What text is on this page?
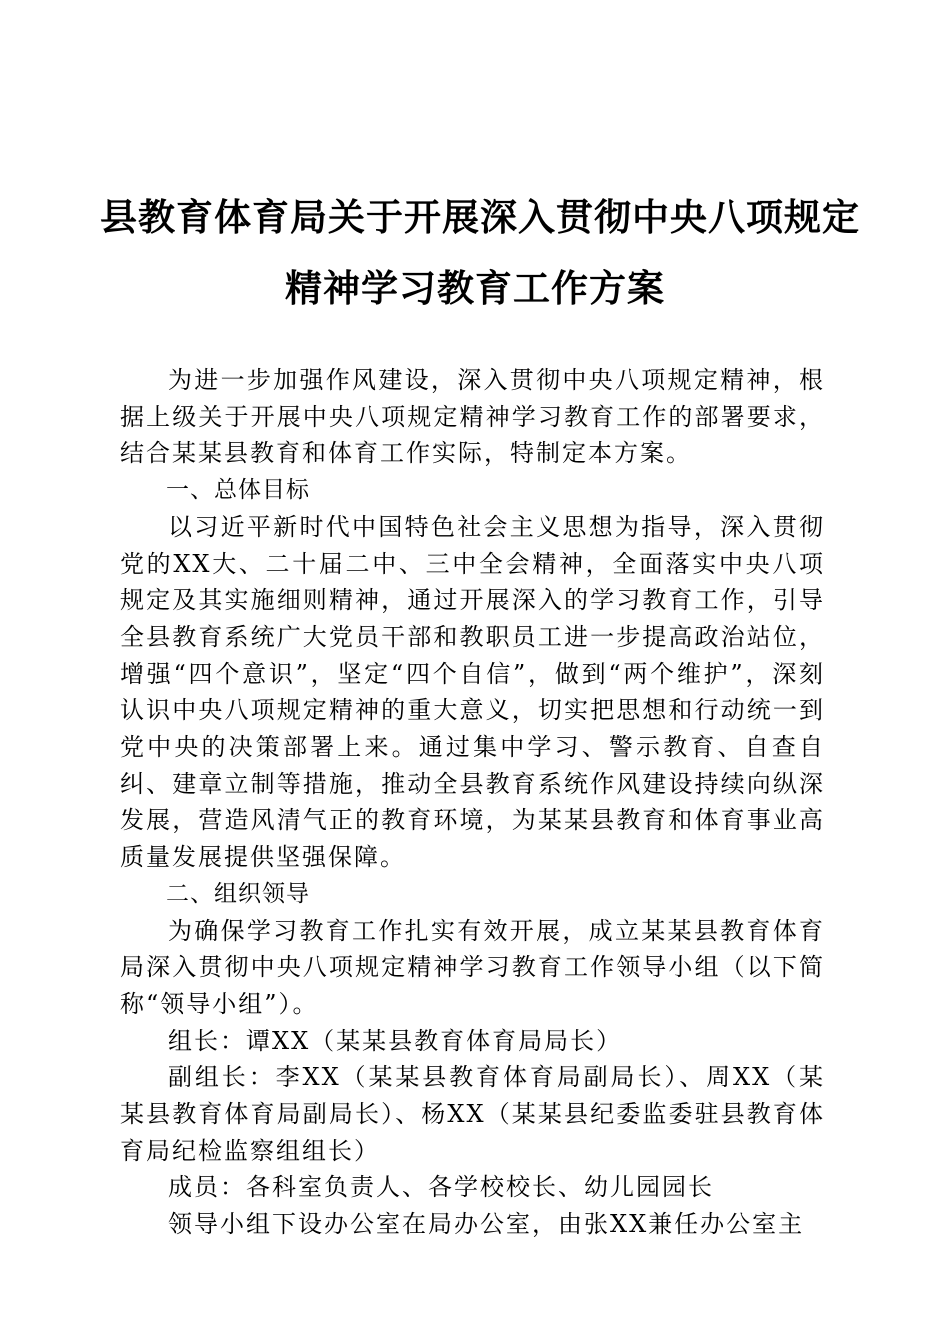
县教育体育局关于开展深入贯彻中央八项规定
精神学习教育工作方案

为进一步加强作风建设，深入贯彻中央八项规定精神，根据上级关于开展中央八项规定精神学习教育工作的部署要求，结合某某县教育和体育工作实际，特制定本方案。

一、总体目标

以习近平新时代中国特色社会主义思想为指导，深入贯彻党的XX大、二十届二中、三中全会精神，全面落实中央八项规定及其实施细则精神，通过开展深入的学习教育工作，引导全县教育系统广大党员干部和教职员工进一步提高政治站位，增强“四个意识”，坚定“四个自信”，做到“两个维护”，深刻认识中央八项规定精神的重大意义，切实把思想和行动统一到党中央的决策部署上来。通过集中学习、警示教育、自查自纠、建章立制等措施，推动全县教育系统作风建设持续向纵深发展，营造风清气正的教育环境，为某某县教育和体育事业高质量发展提供坚强保障。

二、组织领导

为确保学习教育工作扎实有效开展，成立某某县教育体育局深入贯彻中央八项规定精神学习教育工作领导小组（以下简称“领导小组”）。

组长：谭XX（某某县教育体育局局长）

副组长：李XX（某某县教育体育局副局长）、周XX（某某县教育体育局副局长）、杨XX（某某县纪委监委驻县教育体育局纪检监察组组长）

成员：各科室负责人、各学校校长、幼儿园园长

领导小组下设办公室在局办公室，由张XX兼任办公室主
